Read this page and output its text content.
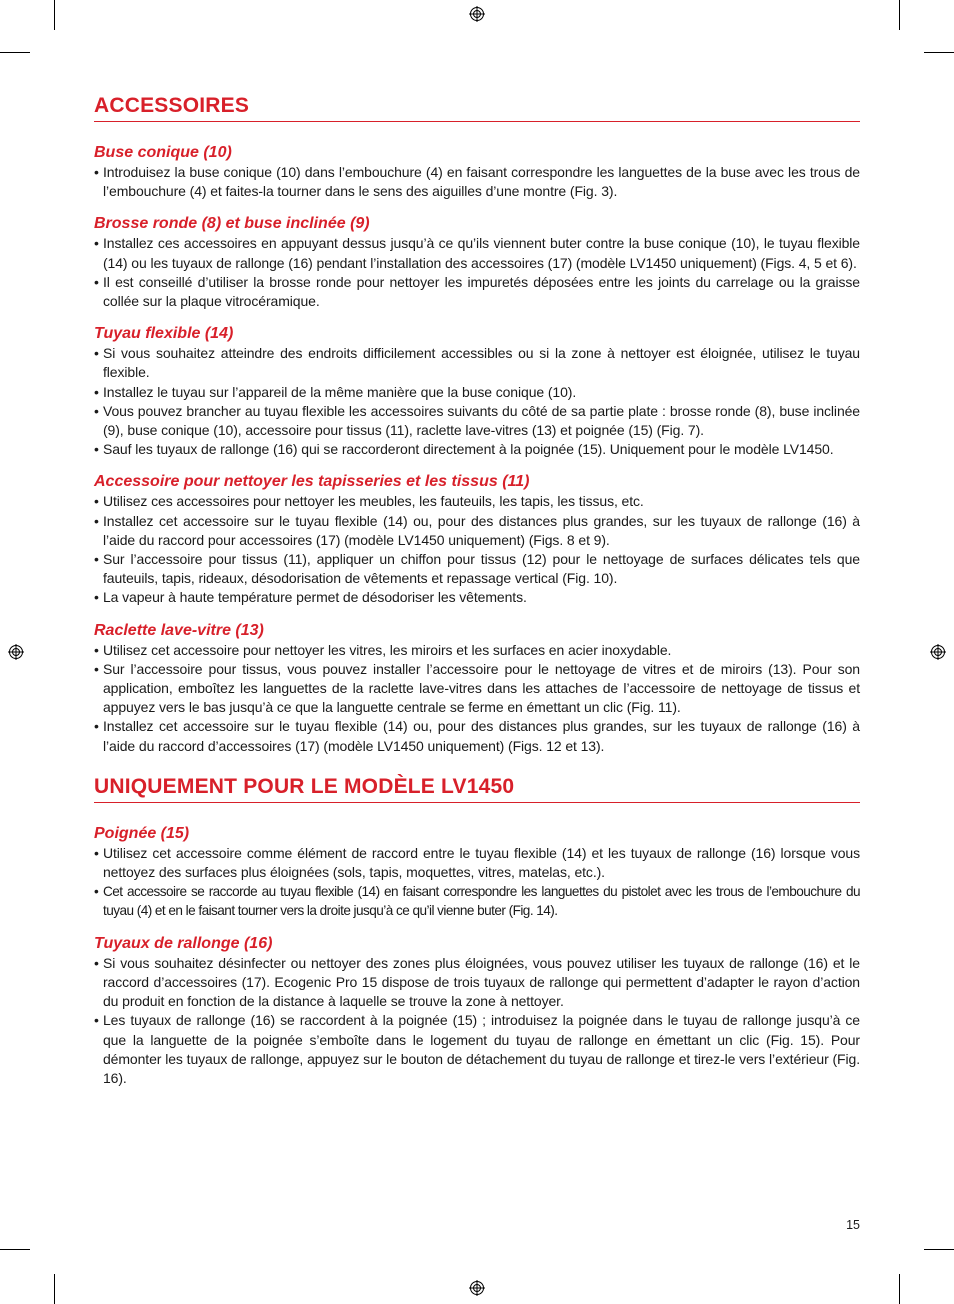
ACCESSOIRES
Buse conique (10)
• Introduisez la buse conique (10) dans l’embouchure (4) en faisant correspondre les languettes de la buse avec les trous de l’embouchure (4) et faites-la tourner dans le sens des aiguilles d’une montre (Fig. 3).
Brosse ronde (8) et buse inclinée (9)
• Installez ces accessoires en appuyant dessus jusqu’à ce qu’ils viennent buter contre la buse conique (10), le tuyau flexible (14) ou les tuyaux de rallonge (16) pendant l’installation des accessoires (17) (modèle LV1450 uniquement) (Figs. 4, 5 et 6).
• Il est conseillé d’utiliser la brosse ronde pour nettoyer les impuretés déposées entre les joints du carrelage ou la graisse collée sur la plaque vitrocéramique.
Tuyau flexible (14)
• Si vous souhaitez atteindre des endroits difficilement accessibles ou si la zone à nettoyer est éloignée, utilisez le tuyau flexible.
• Installez le tuyau sur l’appareil de la même manière que la buse conique (10).
• Vous pouvez brancher au tuyau flexible les accessoires suivants du côté de sa partie plate : brosse ronde (8), buse inclinée (9), buse conique (10), accessoire pour tissus (11), raclette lave-vitres (13) et poignée (15) (Fig. 7).
• Sauf les tuyaux de rallonge (16) qui se raccorderont directement à la poignée (15). Uniquement pour le modèle LV1450.
Accessoire pour nettoyer les tapisseries et les tissus (11)
• Utilisez ces accessoires pour nettoyer les meubles, les fauteuils, les tapis, les tissus, etc.
• Installez cet accessoire sur le tuyau flexible (14) ou, pour des distances plus grandes, sur les tuyaux de rallonge (16) à l’aide du raccord pour accessoires (17) (modèle LV1450 uniquement) (Figs. 8 et 9).
• Sur l’accessoire pour tissus (11), appliquer un chiffon pour tissus (12) pour le nettoyage de surfaces délicates tels que fauteuils, tapis, rideaux, désodorisation de vêtements et repassage vertical (Fig. 10).
• La vapeur à haute température permet de désodoriser les vêtements.
Raclette lave-vitre (13)
• Utilisez cet accessoire pour nettoyer les vitres, les miroirs et les surfaces en acier inoxydable.
• Sur l’accessoire pour tissus, vous pouvez installer l’accessoire pour le nettoyage de vitres et de miroirs (13). Pour son application, emboîtez les languettes de la raclette lave-vitres dans les attaches de l’accessoire de nettoyage de tissus et appuyez vers le bas jusqu’à ce que la languette centrale se ferme en émettant un clic (Fig. 11).
• Installez cet accessoire sur le tuyau flexible (14) ou, pour des distances plus grandes, sur les tuyaux de rallonge (16) à l’aide du raccord d’accessoires (17) (modèle LV1450 uniquement) (Figs. 12 et 13).
UNIQUEMENT POUR LE MODÈLE LV1450
Poignée (15)
• Utilisez cet accessoire comme élément de raccord entre le tuyau flexible (14) et les tuyaux de rallonge (16) lorsque vous nettoyez des surfaces plus éloignées (sols, tapis, moquettes, vitres, matelas, etc.).
• Cet accessoire se raccorde au tuyau flexible (14) en faisant correspondre les languettes du pistolet avec les trous de l’embouchure du tuyau (4) et en le faisant tourner vers la droite jusqu’à ce qu’il vienne buter (Fig. 14).
Tuyaux de rallonge (16)
• Si vous souhaitez désinfecter ou nettoyer des zones plus éloignées, vous pouvez utiliser les tuyaux de rallonge (16) et le raccord d’accessoires (17). Ecogenic Pro 15 dispose de trois tuyaux de rallonge qui permettent d’adapter le rayon d’action du produit en fonction de la distance à laquelle se trouve la zone à nettoyer.
• Les tuyaux de rallonge (16) se raccordent à la poignée (15) ; introduisez la poignée dans le tuyau de rallonge jusqu’à ce que la languette de la poignée s’emboîte dans le logement du tuyau de rallonge en émettant un clic (Fig. 15). Pour démonter les tuyaux de rallonge, appuyez sur le bouton de détachement du tuyau de rallonge et tirez-le vers l’extérieur (Fig. 16).
15
